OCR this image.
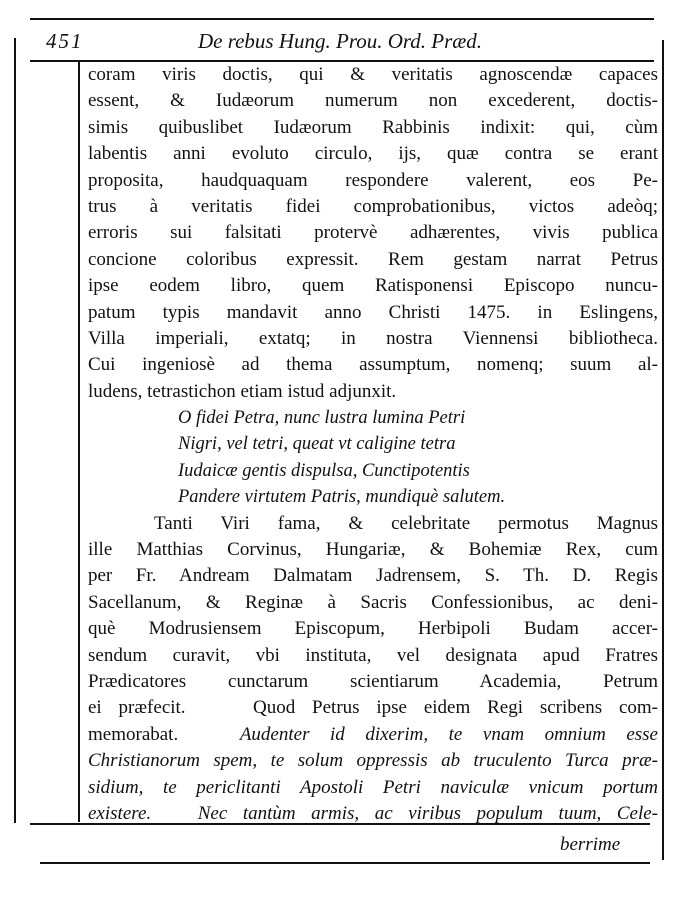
451	De rebus Hung. Prou. Ord. Præd.
coram viris doctis, qui & veritatis agnoscendæ capaces
essent, & Iudæorum numerum non excederent, doctis-
simis quibuslibet Iudæorum Rabbinis indixit: qui, cùm
labentis anni evoluto circulo, ijs, quæ contra se erant
proposita, haudquaquam respondere valerent, eos Pe-
trus à veritatis fidei comprobationibus, victos adeòq;
erroris sui falsitati protervè adhærentes, vivis publica
concione coloribus expressit. Rem gestam narrat Petrus
ipse eodem libro, quem Ratisponensi Episcopo nuncu-
patum typis mandavit anno Christi 1475. in Eslingens,
Villa imperiali, extatq; in nostra Viennensi bibliotheca.
Cui ingeniosè ad thema assumptum, nomenq; suum al-
ludens, tetrastichon etiam istud adjunxit.
O fidei Petra, nunc lustra lumina Petri
Nigri, vel tetri, queat vt caligine tetra
Iudaicæ gentis dispulsa, Cunctipotentis
Pandere virtutem Patris, mundiquè salutem.
Tanti Viri fama, & celebritate permotus Magnus
ille Matthias Corvinus, Hungariæ, & Bohemiæ Rex, cum
per Fr. Andream Dalmatam Jadrensem, S. Th. D. Regis
Sacellanum, & Reginæ à Sacris Confessionibus, ac deni-
què Modrusiensem Episcopum, Herbipoli Budam accer-
sendum curavit, vbi instituta, vel designata apud Fratres
Prædicatores cunctarum scientiarum Academia, Petrum
ei præfecit.	Quod Petrus ipse eidem Regi scribens com-
memorabat.	Audenter id dixerim, te vnam omnium esse
Christianorum spem, te solum oppressis ab truculento Turca præ-
sidium, te periclitanti Apostoli Petri naviculæ vnicum portum
existere. Nec tantùm armis, ac viribus populum tuum, Cele-
berrime
